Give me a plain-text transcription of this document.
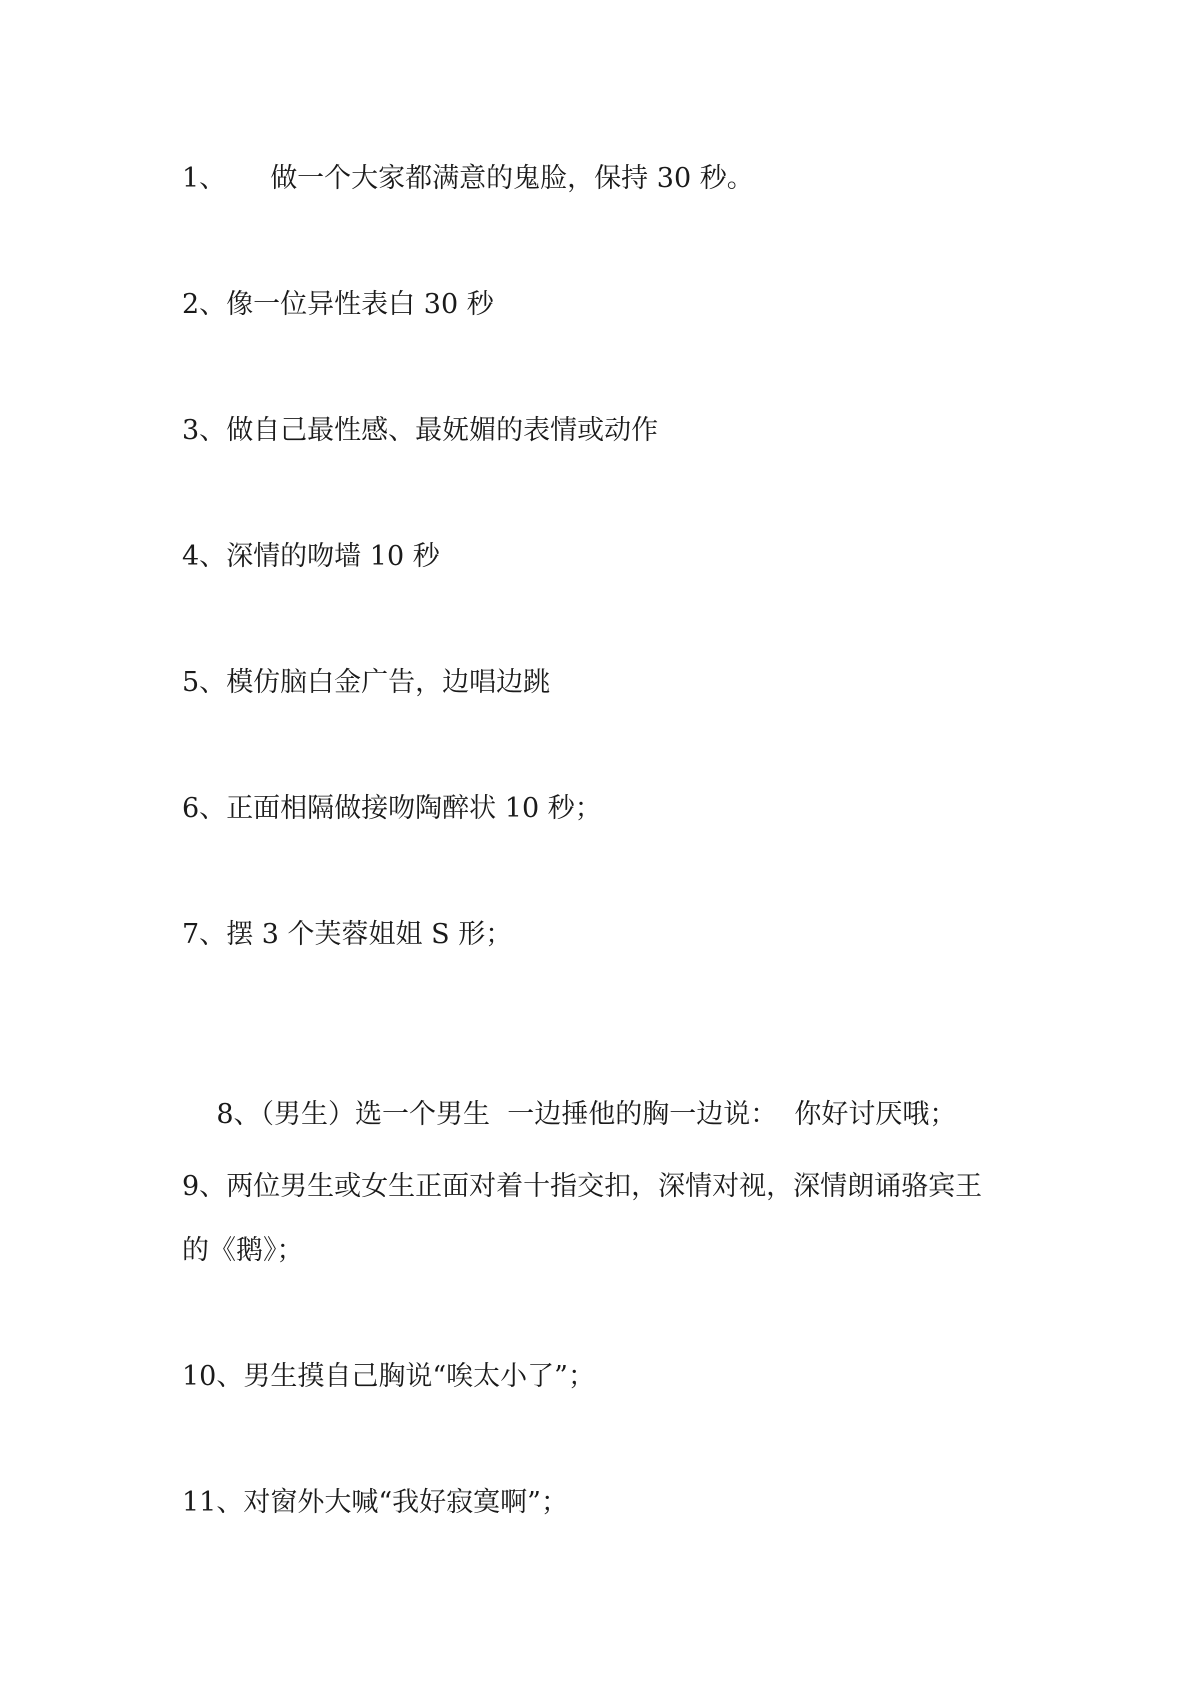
1、 做一个大家都满意的鬼脸，保持 30 秒。
2、像一位异性表白 30 秒
3、做自己最性感、最妩媚的表情或动作
4、深情的吻墙 10 秒
5、模仿脑白金广告，边唱边跳
6、正面相隔做接吻陶醉状 10 秒；
7、摆 3 个芙蓉姐姐 S 形；

8、（男生）选一个男生  一边捶他的胸一边说：  你好讨厌哦；

9、两位男生或女生正面对着十指交扣，深情对视，深情朗诵骆宾王
的《鹅》；
10、男生摸自己胸说“唉太小了”；
11、对窗外大喊“我好寂寞啊”；
